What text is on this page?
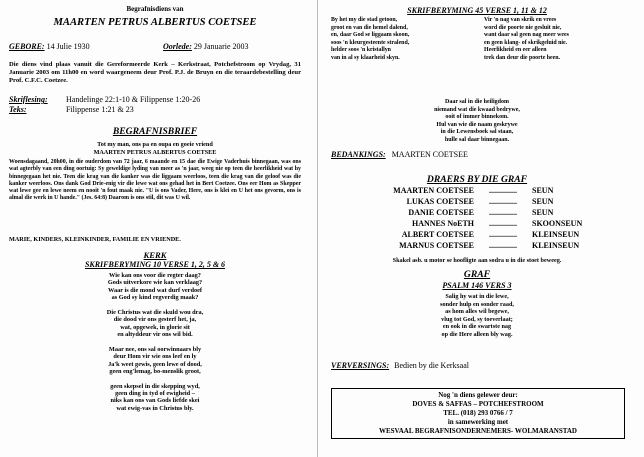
Begrafnisdiens van
MAARTEN PETRUS ALBERTUS COETSEE
GEBORE: 14 Julie 1930	Oorlede: 29 Januarie 2003
Die diens vind plaas vanuit die Gereformeerde Kerk – Kerkstraat, Potchefstroom op Vrydag, 31 Januarie 2003 om 11h00 en word waargeneem deur Prof. P.J. de Bruyn en die teraardebestelling deur Prof. C.F.C. Coetzee.
Skriflesing: Handelinge 22:1-10 & Filippense 1:20-26
Teks:	Filippense 1:21 & 23
BEGRAFNISBRIEF
Tot my man, ons pa en oupa en goeie vriend
MAARTEN PETRUS ALBERTUS COETSEE
Woensdagaand, 20h00, in die ouderdom van 72 jaar, 6 maande en 15 dae die Ewige Vaderhuis binnegaan, was ons wat agterbly van een ding oortuig: Sy geweldige lyding van meer as 'n jaar, weeg nie op teen die heerlikheid wat hy binnegegaan het nie. Teen die krag van die kanker was die liggaam weerloos, teen die krag van die geloof was die kanker weerloos. Ons dank God Drie-enig vir die lewe wat ons gehad het in Bert Coetzee. Ons eer Hom as Skepper wat lewe gee en lewe neem en nooit 'n fout maak nie. "U is ons Vader, Here, ons is klei en U het ons gevorm, ons is almal die werk in U hande." (Jes. 64:8) Daarom is ons stil, dit was U wil.
MARIE, KINDERS, KLEINKINDER, FAMILIE EN VRIENDE.
KERK
SKRIFBERYMING 10 VERSE 1, 2, 5 & 6
Wie kan ons voor die regter daag?
Gods uitverkore wie kan verklaag?
Waar is die mond wat durf verdoef
as God sy kind regverdig maak?

Die Christus wat die skuld wou dra,
die dood vir ons gesterf het, ja,
wat, opgewek, in glorie sit
en altyddeur vir ons wil bid.

Maar nee, ons sal oorwinnaars bly
deur Hom vir wie ons leef en ly
Ja'k weet gewis, geen lewe of dood,
geen eng'lemag, bo-menslik groot,

geen skepsel in die skepping wyd,
geen ding in tyd of ewigheid –
niks kan ons van Gods liefde skei
wat ewig-vas in Christus bly.
SKRIFBERYMING 45 VERSE 1, 11 & 12
By het my die stad getoon,
groot en van die hemel dalend,
en, daar God se liggaam skoon,
soos 'n kleurgesteente stralend,
helder soos 'n kristallyn
van in al sy klaarheid skyn.
Vir 'n nag van skrik en vrees
word die poorte nie gesluit nie,
want daar sal geen nag meer wees
en geen klang- of skrikgeluid nie.
Heerlikheid en eer alleen
trek dan deur die poorte heen.
Daar sal in die heiligdom
niemand wat die kwaad bedrywe,
ooit of immer binnekom.
Hul van wie die naam geskrywe
in die Lewensboek sal staan,
hulle sal daar binnegaan.
BEDANKINGS: MAARTEN COETSEE
DRAERS BY DIE GRAF
MAARTEN COETSEE .............. SEUN
LUKAS COETSEE .............. SEUN
DANIE COETSEE .............. SEUN
HANNES NoETH .............. SKOONSEUN
ALBERT COETSEE .............. KLEINSEUN
MARNUS COETSEE .............. KLEINSEUN
Skakel asb. u motor se hoofligte aan sodra u in die stoet beweeg.
GRAF
PSALM 146 VERS 3
Salig hy wat in die lewe,
sonder hulp en sonder raad,
as hom alles wil begewe,
vlug tot God, sy toeverlaat;
en ook in die swartste nag
op die Here alleen bly wag.
VERVERSINGS: Bedien by die Kerksaal
Nog 'n diens gelewer deur:
DOVES & SAFFAS – POTCHEFSTROOM
TEL. (018) 293 0766 / 7
in samewerking met
WESVAAL BEGRAFNISONDERNEMERS- WOLMARANSTAD
